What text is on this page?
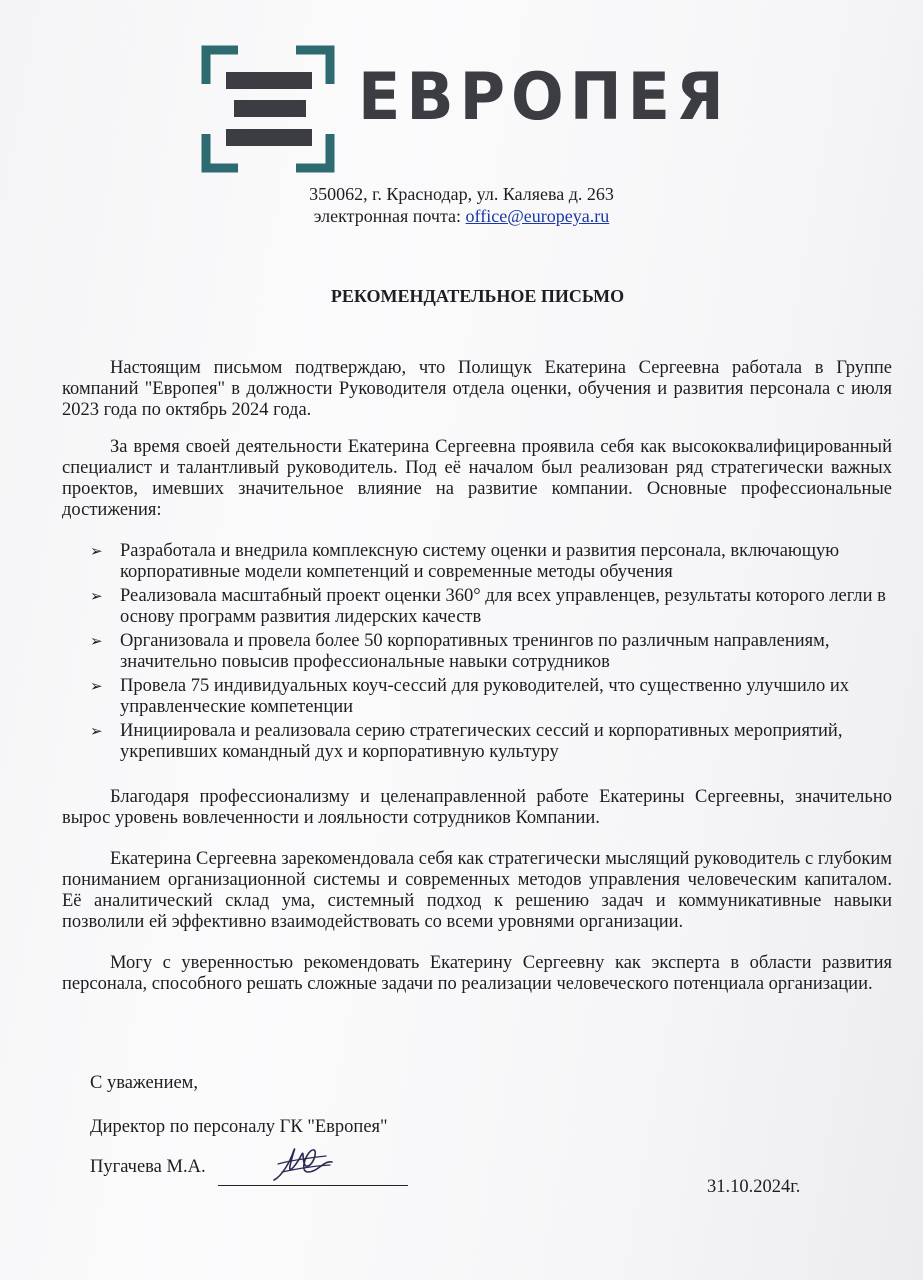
ЕВРОПЕЯ
350062, г. Краснодар, ул. Каляева д. 263
электронная почта: office@europeya.ru
РЕКОМЕНДАТЕЛЬНОЕ ПИСЬМО

Настоящим письмом подтверждаю, что Полищук Екатерина Сергеевна работала в Группе компаний "Европея" в должности Руководителя отдела оценки, обучения и развития персонала с июля 2023 года по октябрь 2024 года.

За время своей деятельности Екатерина Сергеевна проявила себя как высококвалифицированный специалист и талантливый руководитель. Под её началом был реализован ряд стратегически важных проектов, имевших значительное влияние на развитие компании. Основные профессиональные достижения:

➢ Разработала и внедрила комплексную систему оценки и развития персонала, включающую корпоративные модели компетенций и современные методы обучения
➢ Реализовала масштабный проект оценки 360° для всех управленцев, результаты которого легли в основу программ развития лидерских качеств
➢ Организовала и провела более 50 корпоративных тренингов по различным направлениям, значительно повысив профессиональные навыки сотрудников
➢ Провела 75 индивидуальных коуч-сессий для руководителей, что существенно улучшило их управленческие компетенции
➢ Инициировала и реализовала серию стратегических сессий и корпоративных мероприятий, укрепивших командный дух и корпоративную культуру

Благодаря профессионализму и целенаправленной работе Екатерины Сергеевны, значительно вырос уровень вовлеченности и лояльности сотрудников Компании.

Екатерина Сергеевна зарекомендовала себя как стратегически мыслящий руководитель с глубоким пониманием организационной системы и современных методов управления человеческим капиталом. Её аналитический склад ума, системный подход к решению задач и коммуникативные навыки позволили ей эффективно взаимодействовать со всеми уровнями организации.

Могу с уверенностью рекомендовать Екатерину Сергеевну как эксперта в области развития персонала, способного решать сложные задачи по реализации человеческого потенциала организации.

С уважением,
Директор по персоналу ГК "Европея"
Пугачева М.А.
31.10.2024г.
